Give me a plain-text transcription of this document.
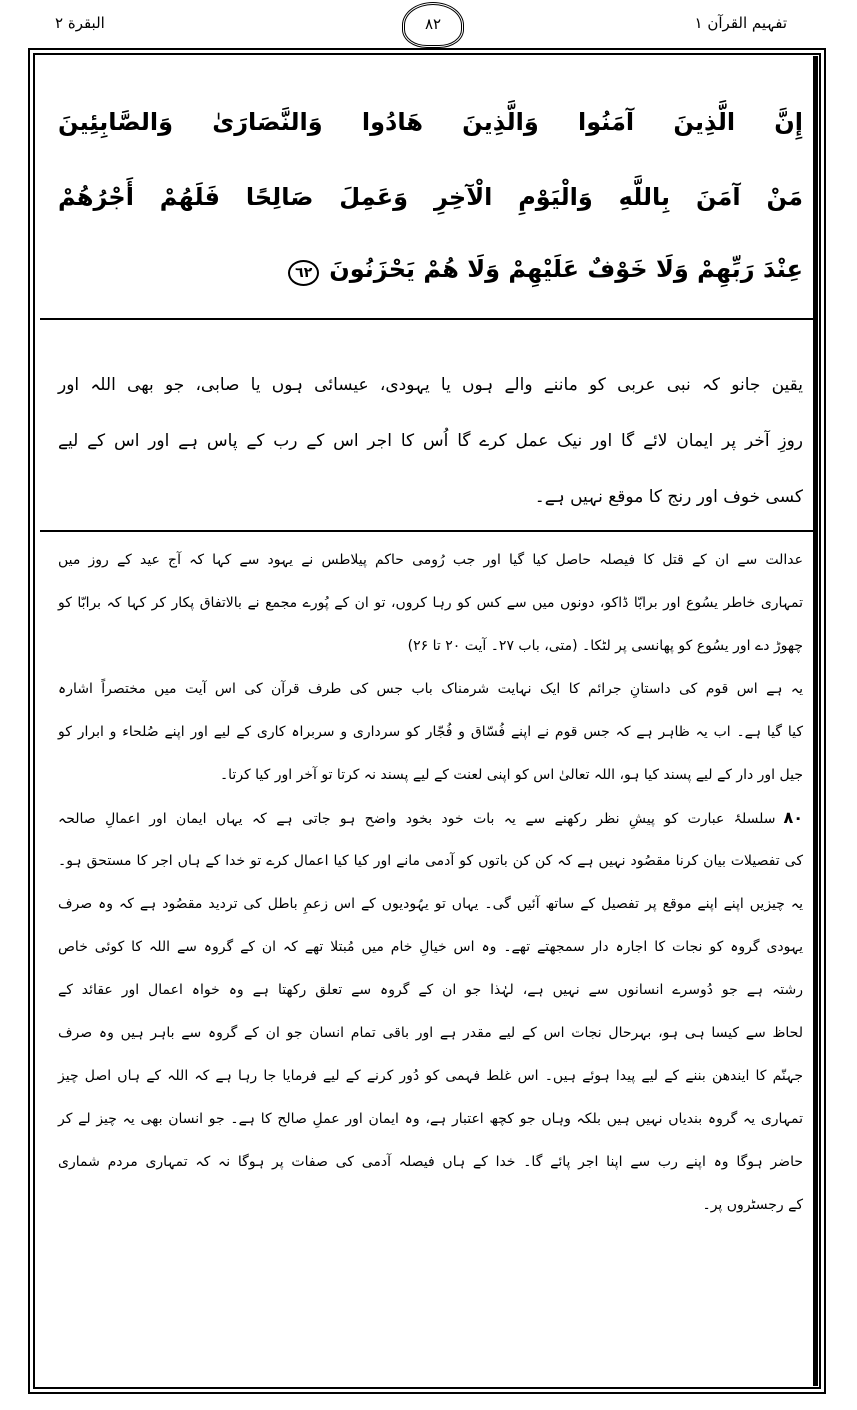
تفہیم القرآن ۱
٨٢
البقرة ۲
إِنَّ الَّذِينَ آمَنُوا وَالَّذِينَ هَادُوا وَالنَّصَارَىٰ وَالصَّابِئِينَ
مَنْ آمَنَ بِاللَّهِ وَالْيَوْمِ الْآخِرِ وَعَمِلَ صَالِحًا فَلَهُمْ أَجْرُهُمْ
عِنْدَ رَبِّهِمْ وَلَا خَوْفٌ عَلَيْهِمْ وَلَا هُمْ يَحْزَنُونَ٦٢
یقین جانو کہ نبی عربی کو ماننے والے ہوں یا یہودی، عیسائی ہوں یا صابی، جو بھی اللہ اور
روزِ آخر پر ایمان لائے گا اور نیک عمل کرے گا اُس کا اجر اس کے رب کے پاس ہے اور اس کے لیے
کسی خوف اور رنج کا موقع نہیں ہے۔
عدالت سے ان کے قتل کا فیصلہ حاصل کیا گیا اور جب رُومی حاکم پیلاطس نے یہود سے کہا کہ آج عید کے روز میں
تمہاری خاطر یسُوع اور برابّا ڈاکو، دونوں میں سے کس کو رہا کروں، تو ان کے پُورے مجمع نے بالاتفاق پکار کر کہا کہ برابّا کو
چھوڑ دے اور یسُوع کو پھانسی پر لٹکا۔ (متی، باب ۲۷۔ آیت ۲۰ تا ۲۶)
یہ ہے اس قوم کی داستانِ جرائم کا ایک نہایت شرمناک باب جس کی طرف قرآن کی اس آیت میں مختصراً اشارہ
کیا گیا ہے۔ اب یہ ظاہر ہے کہ جس قوم نے اپنے فُسّاق و فُجّار کو سرداری و سربراہ کاری کے لیے اور اپنے صُلحاء و ابرار کو
جیل اور دار کے لیے پسند کیا ہو، اللہ تعالیٰ اس کو اپنی لعنت کے لیے پسند نہ کرتا تو آخر اور کیا کرتا۔
۸۰سلسلۂ عبارت کو پیشِ نظر رکھنے سے یہ بات خود بخود واضح ہو جاتی ہے کہ یہاں ایمان اور اعمالِ صالحہ
کی تفصیلات بیان کرنا مقصُود نہیں ہے کہ کن کن باتوں کو آدمی مانے اور کیا کیا اعمال کرے تو خدا کے ہاں اجر کا مستحق ہو۔
یہ چیزیں اپنے اپنے موقع پر تفصیل کے ساتھ آئیں گی۔ یہاں تو یہُودیوں کے اس زعمِ باطل کی تردید مقصُود ہے کہ وہ صرف
یہودی گروہ کو نجات کا اجارہ دار سمجھتے تھے۔ وہ اس خیالِ خام میں مُبتلا تھے کہ ان کے گروہ سے اللہ کا کوئی خاص
رشتہ ہے جو دُوسرے انسانوں سے نہیں ہے، لہٰذا جو ان کے گروہ سے تعلق رکھتا ہے وہ خواہ اعمال اور عقائد کے
لحاظ سے کیسا ہی ہو، بہرحال نجات اس کے لیے مقدر ہے اور باقی تمام انسان جو ان کے گروہ سے باہر ہیں وہ صرف
جہنّم کا ایندھن بننے کے لیے پیدا ہوئے ہیں۔ اس غلط فہمی کو دُور کرنے کے لیے فرمایا جا رہا ہے کہ اللہ کے ہاں اصل چیز
تمہاری یہ گروہ بندیاں نہیں ہیں بلکہ وہاں جو کچھ اعتبار ہے، وہ ایمان اور عملِ صالح کا ہے۔ جو انسان بھی یہ چیز لے کر
حاضر ہوگا وہ اپنے رب سے اپنا اجر پائے گا۔ خدا کے ہاں فیصلہ آدمی کی صفات پر ہوگا نہ کہ تمہاری مردم شماری
کے رجسٹروں پر۔
